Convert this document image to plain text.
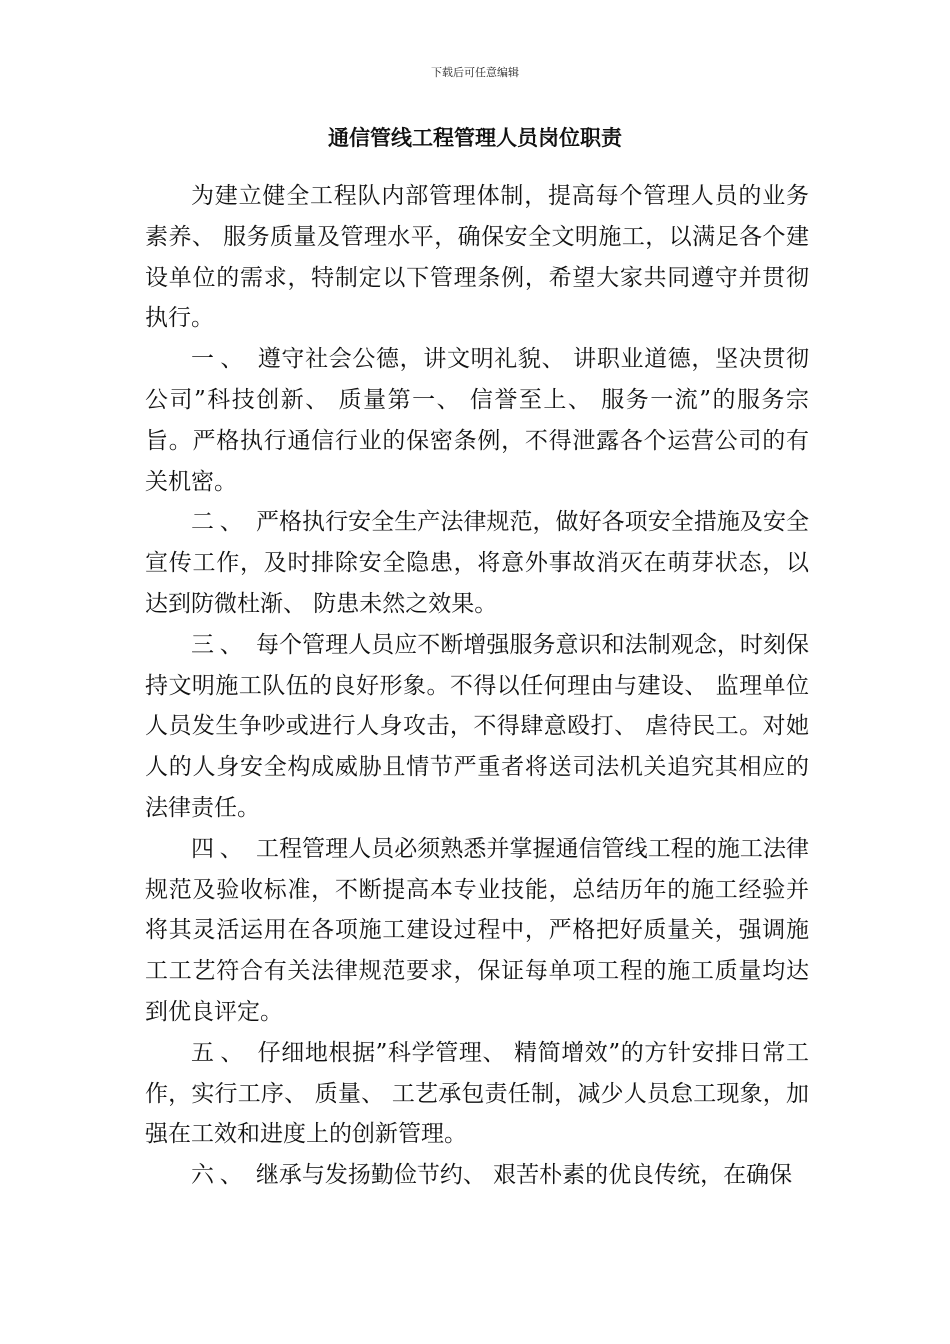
下载后可任意编辑
通信管线工程管理人员岗位职责

为建立健全工程队内部管理体制，提高每个管理人员的业务素养、 服务质量及管理水平，确保安全文明施工，以满足各个建设单位的需求，特制定以下管理条例，希望大家共同遵守并贯彻执行。

一、 遵守社会公德，讲文明礼貌、 讲职业道德，坚决贯彻公司”科技创新、 质量第一、 信誉至上、 服务一流”的服务宗旨。严格执行通信行业的保密条例，不得泄露各个运营公司的有关机密。

二、 严格执行安全生产法律规范，做好各项安全措施及安全宣传工作，及时排除安全隐患，将意外事故消灭在萌芽状态，以达到防微杜渐、 防患未然之效果。

三、 每个管理人员应不断增强服务意识和法制观念，时刻保持文明施工队伍的良好形象。不得以任何理由与建设、 监理单位人员发生争吵或进行人身攻击，不得肆意殴打、 虐待民工。对她人的人身安全构成威胁且情节严重者将送司法机关追究其相应的法律责任。

四、 工程管理人员必须熟悉并掌握通信管线工程的施工法律规范及验收标准，不断提高本专业技能，总结历年的施工经验并将其灵活运用在各项施工建设过程中，严格把好质量关，强调施工工艺符合有关法律规范要求，保证每单项工程的施工质量均达到优良评定。

五、 仔细地根据”科学管理、 精简增效”的方针安排日常工作，实行工序、 质量、 工艺承包责任制，减少人员怠工现象，加强在工效和进度上的创新管理。

六、 继承与发扬勤俭节约、 艰苦朴素的优良传统，在确保
